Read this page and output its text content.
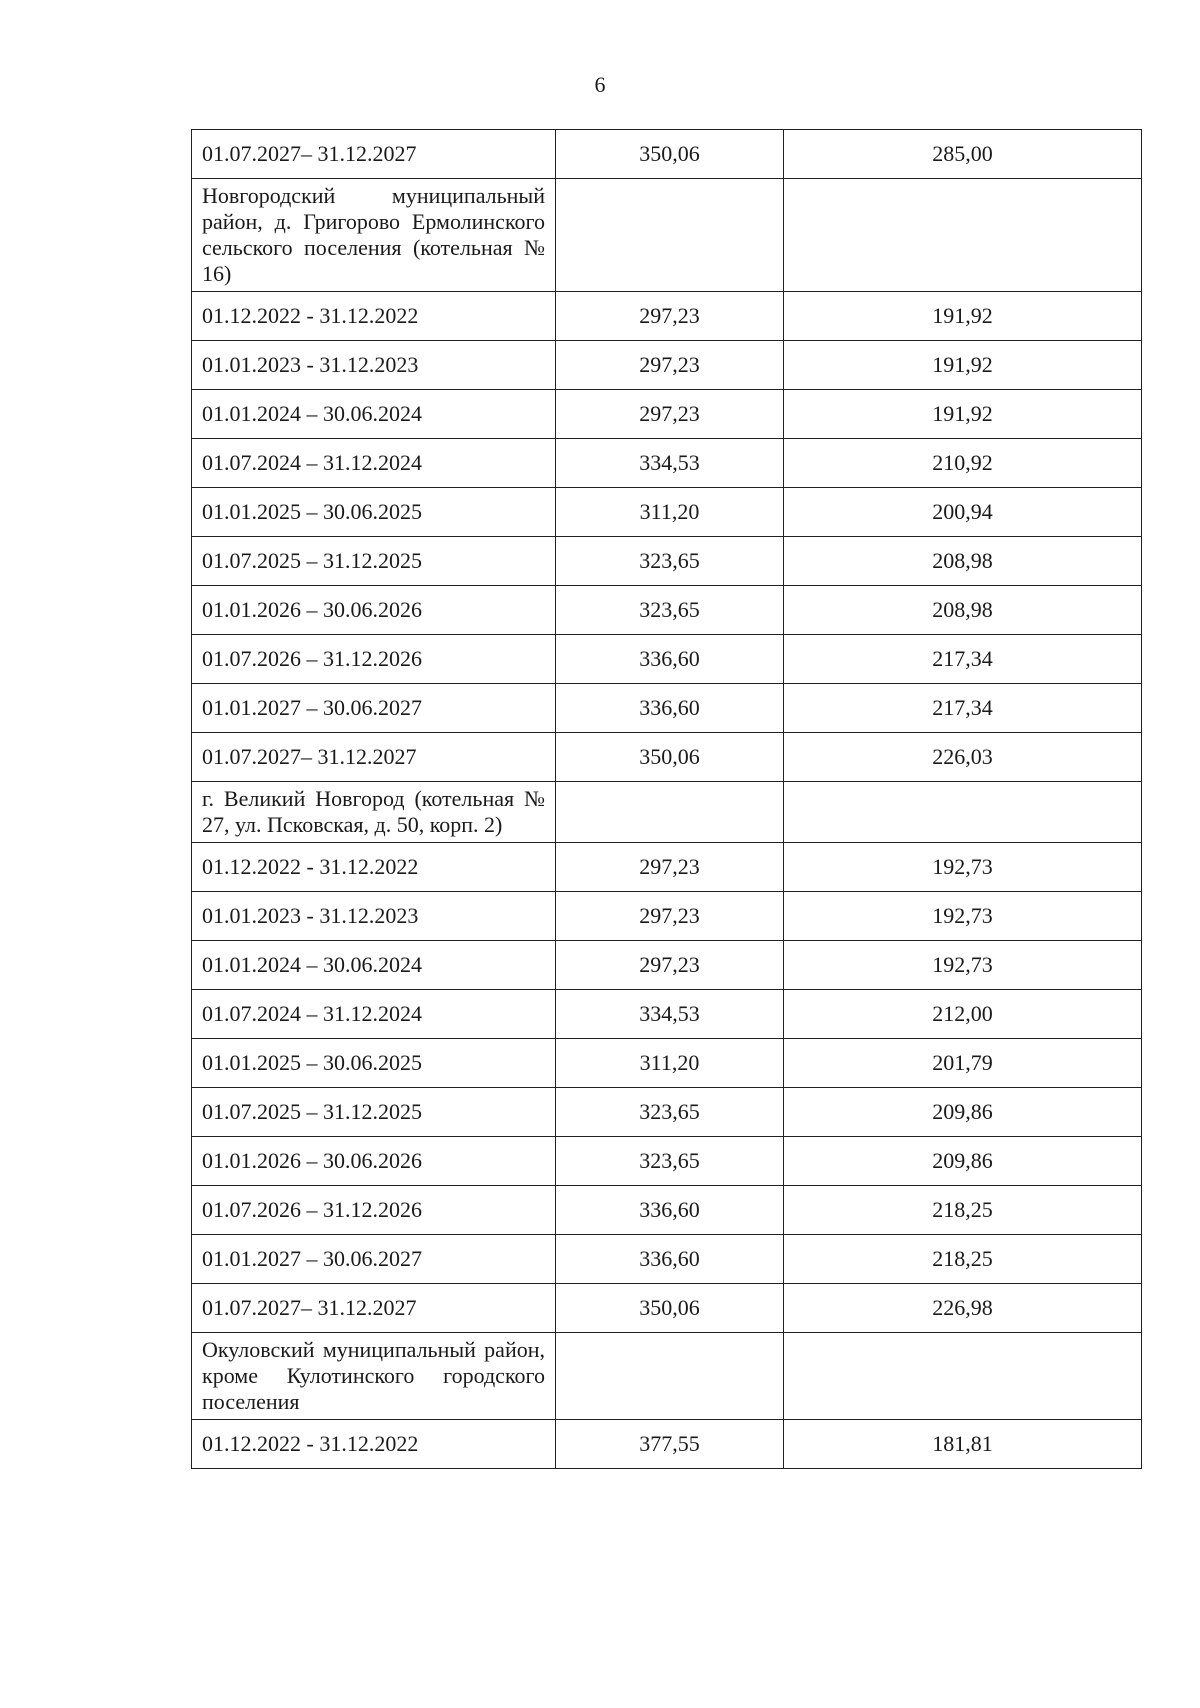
6
01.07.2027– 31.12.2027	350,06	285,00
Новгородский муниципальный район, д. Григорово Ермолинского сельского поселения (котельная № 16)		
01.12.2022 - 31.12.2022	297,23	191,92
01.01.2023 - 31.12.2023	297,23	191,92
01.01.2024 – 30.06.2024	297,23	191,92
01.07.2024 – 31.12.2024	334,53	210,92
01.01.2025 – 30.06.2025	311,20	200,94
01.07.2025 – 31.12.2025	323,65	208,98
01.01.2026 – 30.06.2026	323,65	208,98
01.07.2026 – 31.12.2026	336,60	217,34
01.01.2027 – 30.06.2027	336,60	217,34
01.07.2027– 31.12.2027	350,06	226,03
г. Великий Новгород (котельная № 27, ул. Псковская, д. 50, корп. 2)		
01.12.2022 - 31.12.2022	297,23	192,73
01.01.2023 - 31.12.2023	297,23	192,73
01.01.2024 – 30.06.2024	297,23	192,73
01.07.2024 – 31.12.2024	334,53	212,00
01.01.2025 – 30.06.2025	311,20	201,79
01.07.2025 – 31.12.2025	323,65	209,86
01.01.2026 – 30.06.2026	323,65	209,86
01.07.2026 – 31.12.2026	336,60	218,25
01.01.2027 – 30.06.2027	336,60	218,25
01.07.2027– 31.12.2027	350,06	226,98
Окуловский муниципальный район, кроме Кулотинского городского поселения		
01.12.2022 - 31.12.2022	377,55	181,81
